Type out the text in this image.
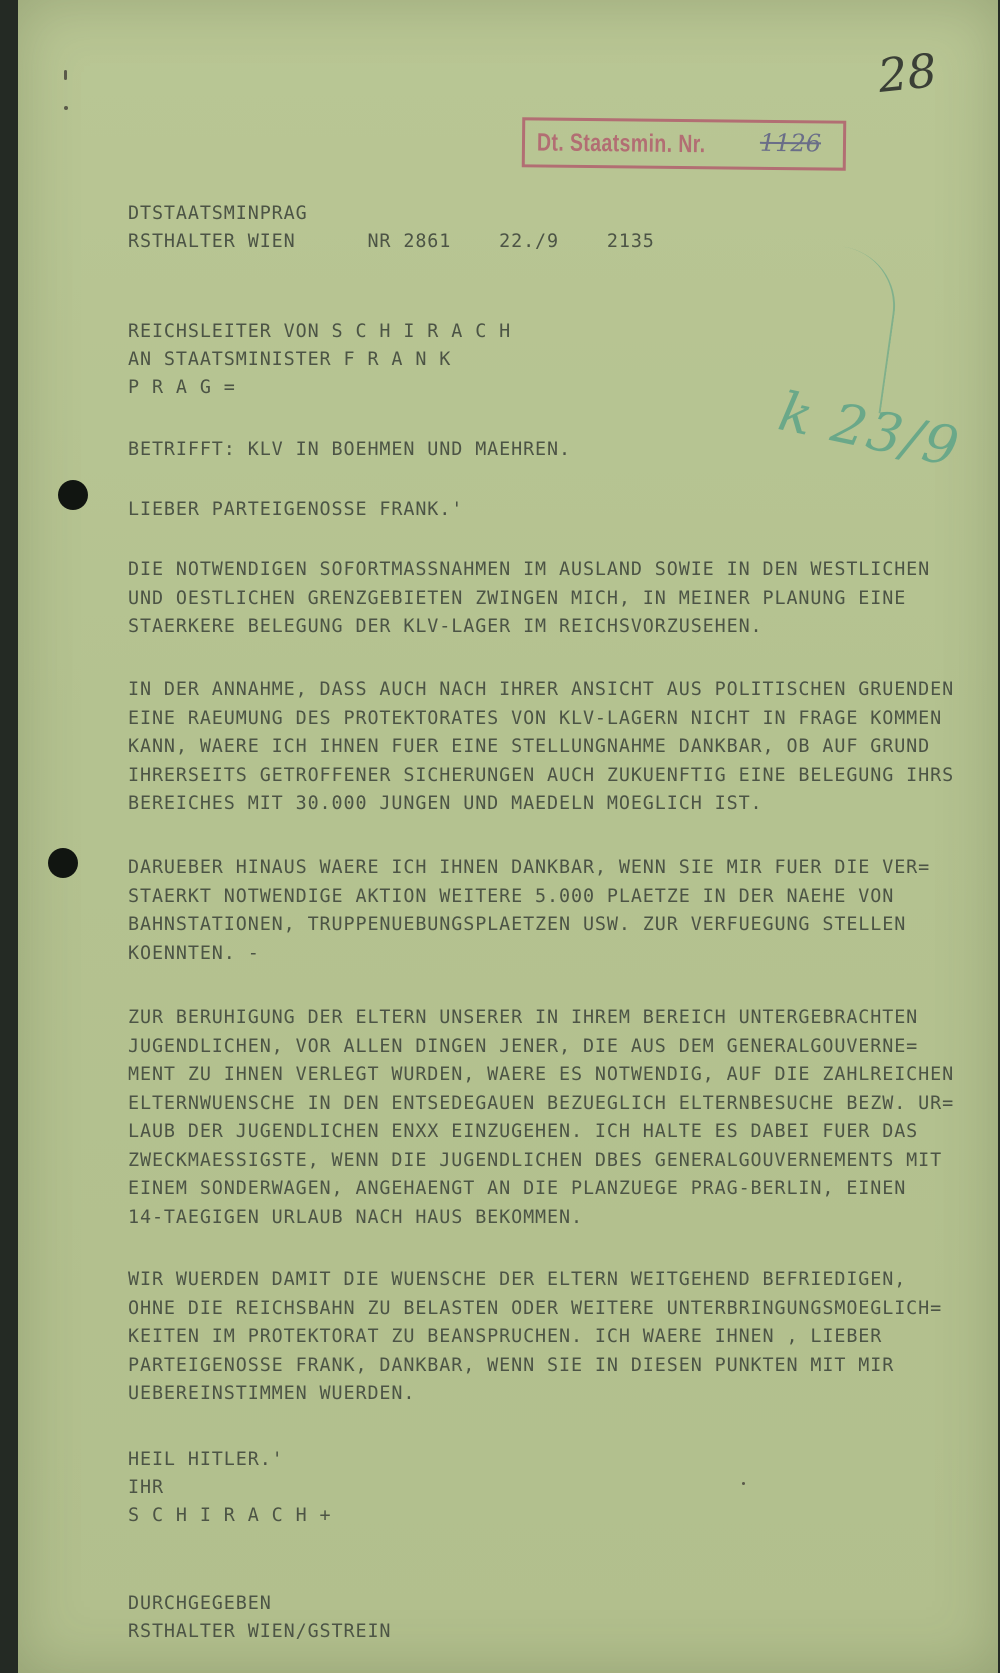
28
Dt. Staatsmin. Nr. 1126
k 23/9

DTSTAATSMINPRAG

RSTHALTER WIEN      NR 2861    22./9    2135

REICHSLEITER VON S C H I R A C H

AN STAATSMINISTER F R A N K

P R A G =

BETRIFFT: KLV IN BOEHMEN UND MAEHREN.

LIEBER PARTEIGENOSSE FRANK.'

DIE NOTWENDIGEN SOFORTMASSNAHMEN IM AUSLAND SOWIE IN DEN WESTLICHEN
UND OESTLICHEN GRENZGEBIETEN ZWINGEN MICH, IN MEINER PLANUNG EINE
STAERKERE BELEGUNG DER KLV-LAGER IM REICHSVORZUSEHEN.

IN DER ANNAHME, DASS AUCH NACH IHRER ANSICHT AUS POLITISCHEN GRUENDEN
EINE RAEUMUNG DES PROTEKTORATES VON KLV-LAGERN NICHT IN FRAGE KOMMEN
KANN, WAERE ICH IHNEN FUER EINE STELLUNGNAHME DANKBAR, OB AUF GRUND
IHRERSEITS GETROFFENER SICHERUNGEN AUCH ZUKUENFTIG EINE BELEGUNG IHRS
BEREICHES MIT 30.000 JUNGEN UND MAEDELN MOEGLICH IST.

DARUEBER HINAUS WAERE ICH IHNEN DANKBAR, WENN SIE MIR FUER DIE VER=
STAERKT NOTWENDIGE AKTION WEITERE 5.000 PLAETZE IN DER NAEHE VON
BAHNSTATIONEN, TRUPPENUEBUNGSPLAETZEN USW. ZUR VERFUEGUNG STELLEN
KOENNTEN. -

ZUR BERUHIGUNG DER ELTERN UNSERER IN IHREM BEREICH UNTERGEBRACHTEN
JUGENDLICHEN, VOR ALLEN DINGEN JENER, DIE AUS DEM GENERALGOUVERNE=
MENT ZU IHNEN VERLEGT WURDEN, WAERE ES NOTWENDIG, AUF DIE ZAHLREICHEN
ELTERNWUENSCHE IN DEN ENTSEDEGAUEN BEZUEGLICH ELTERNBESUCHE BEZW. UR=
LAUB DER JUGENDLICHEN ENXX EINZUGEHEN. ICH HALTE ES DABEI FUER DAS
ZWECKMAESSIGSTE, WENN DIE JUGENDLICHEN DBES GENERALGOUVERNEMENTS MIT
EINEM SONDERWAGEN, ANGEHAENGT AN DIE PLANZUEGE PRAG-BERLIN, EINEN
14-TAEGIGEN URLAUB NACH HAUS BEKOMMEN.

WIR WUERDEN DAMIT DIE WUENSCHE DER ELTERN WEITGEHEND BEFRIEDIGEN,
OHNE DIE REICHSBAHN ZU BELASTEN ODER WEITERE UNTERBRINGUNGSMOEGLICH=
KEITEN IM PROTEKTORAT ZU BEANSPRUCHEN. ICH WAERE IHNEN , LIEBER
PARTEIGENOSSE FRANK, DANKBAR, WENN SIE IN DIESEN PUNKTEN MIT MIR
UEBEREINSTIMMEN WUERDEN.

HEIL HITLER.'

IHR

S C H I R A C H +

DURCHGEGEBEN

RSTHALTER WIEN/GSTREIN
